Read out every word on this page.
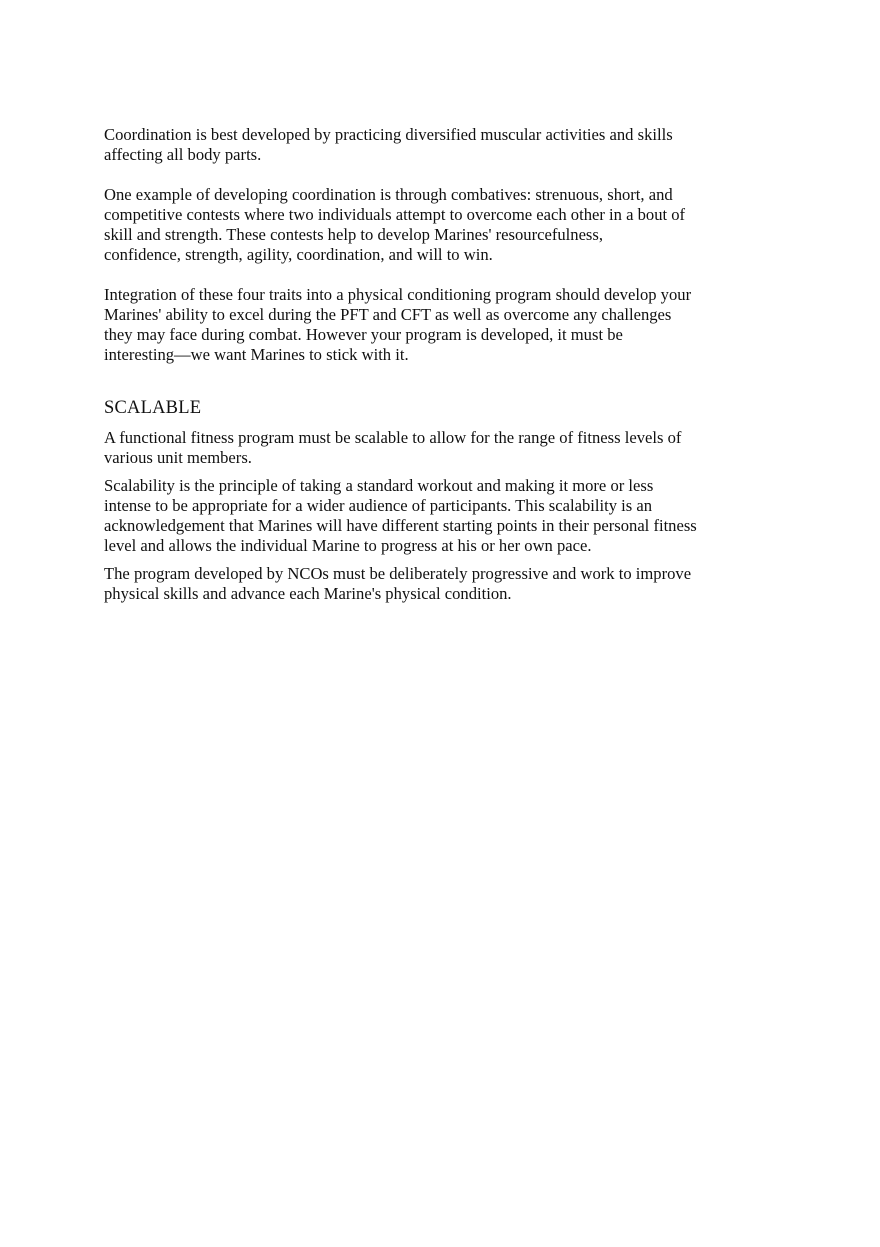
Coordination is best developed by practicing diversified muscular activities and skills
affecting all body parts.

One example of developing coordination is through combatives: strenuous, short, and
competitive contests where two individuals attempt to overcome each other in a bout of
skill and strength. These contests help to develop Marines' resourcefulness,
confidence, strength, agility, coordination, and will to win.

Integration of these four traits into a physical conditioning program should develop your
Marines' ability to excel during the PFT and CFT as well as overcome any challenges
they may face during combat. However your program is developed, it must be
interesting—we want Marines to stick with it.

SCALABLE

A functional fitness program must be scalable to allow for the range of fitness levels of
various unit members.

Scalability is the principle of taking a standard workout and making it more or less
intense to be appropriate for a wider audience of participants. This scalability is an
acknowledgement that Marines will have different starting points in their personal fitness
level and allows the individual Marine to progress at his or her own pace.

The program developed by NCOs must be deliberately progressive and work to improve
physical skills and advance each Marine's physical condition.
